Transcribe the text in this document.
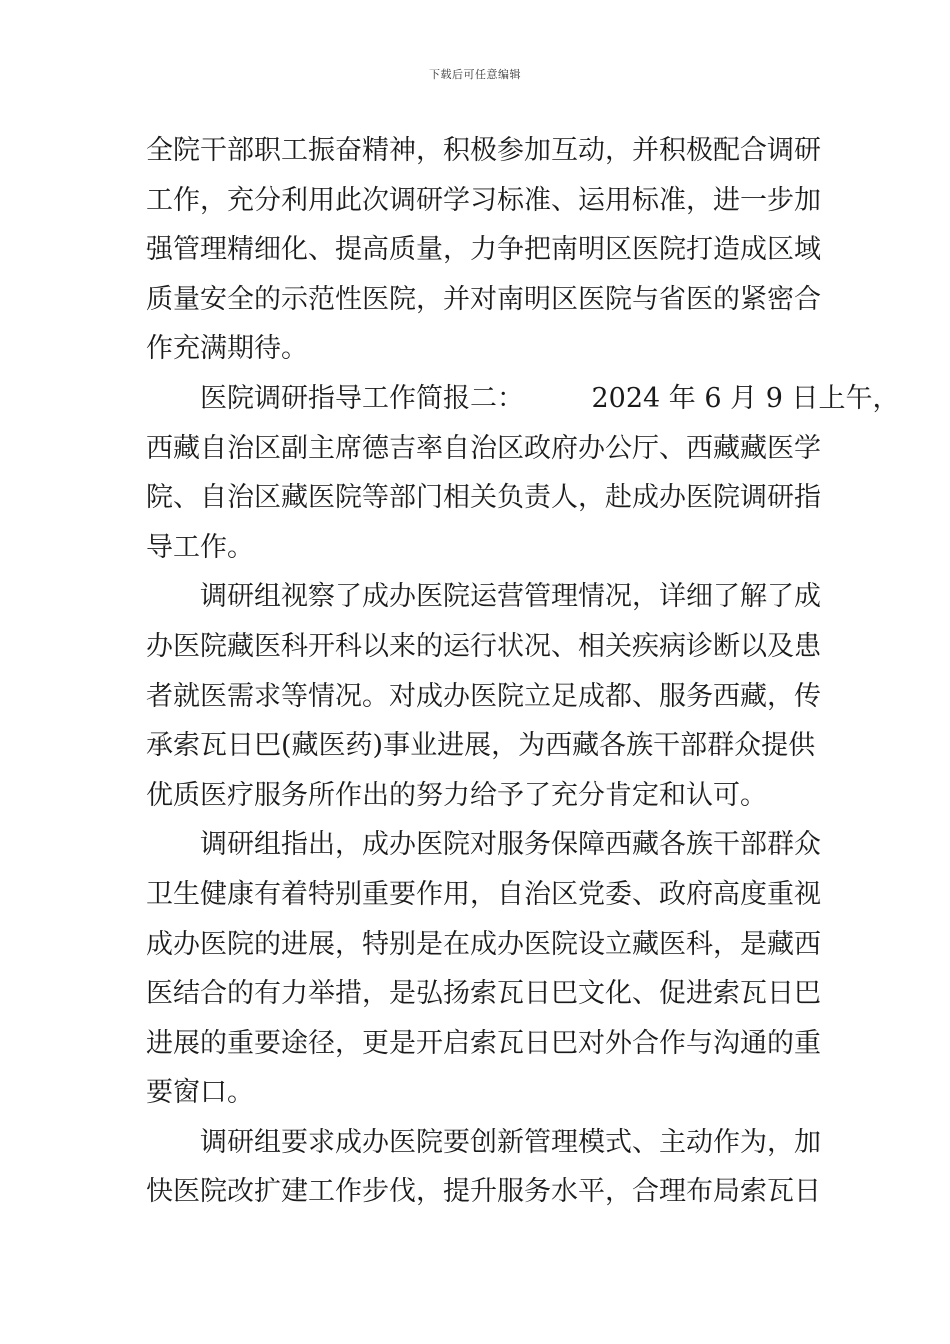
下载后可任意编辑
全院干部职工振奋精神，积极参加互动，并积极配合调研
工作，充分利用此次调研学习标准、运用标准，进一步加
强管理精细化、提高质量，力争把南明区医院打造成区域
质量安全的示范性医院，并对南明区医院与省医的紧密合
作充满期待。
医院调研指导工作简报二：　　　2024 年 6 月 9 日上午，
西藏自治区副主席德吉率自治区政府办公厅、西藏藏医学
院、自治区藏医院等部门相关负责人，赴成办医院调研指
导工作。
调研组视察了成办医院运营管理情况，详细了解了成
办医院藏医科开科以来的运行状况、相关疾病诊断以及患
者就医需求等情况。对成办医院立足成都、服务西藏，传
承索瓦日巴(藏医药)事业进展，为西藏各族干部群众提供
优质医疗服务所作出的努力给予了充分肯定和认可。
调研组指出，成办医院对服务保障西藏各族干部群众
卫生健康有着特别重要作用，自治区党委、政府高度重视
成办医院的进展，特别是在成办医院设立藏医科，是藏西
医结合的有力举措，是弘扬索瓦日巴文化、促进索瓦日巴
进展的重要途径，更是开启索瓦日巴对外合作与沟通的重
要窗口。
调研组要求成办医院要创新管理模式、主动作为，加
快医院改扩建工作步伐，提升服务水平，合理布局索瓦日
